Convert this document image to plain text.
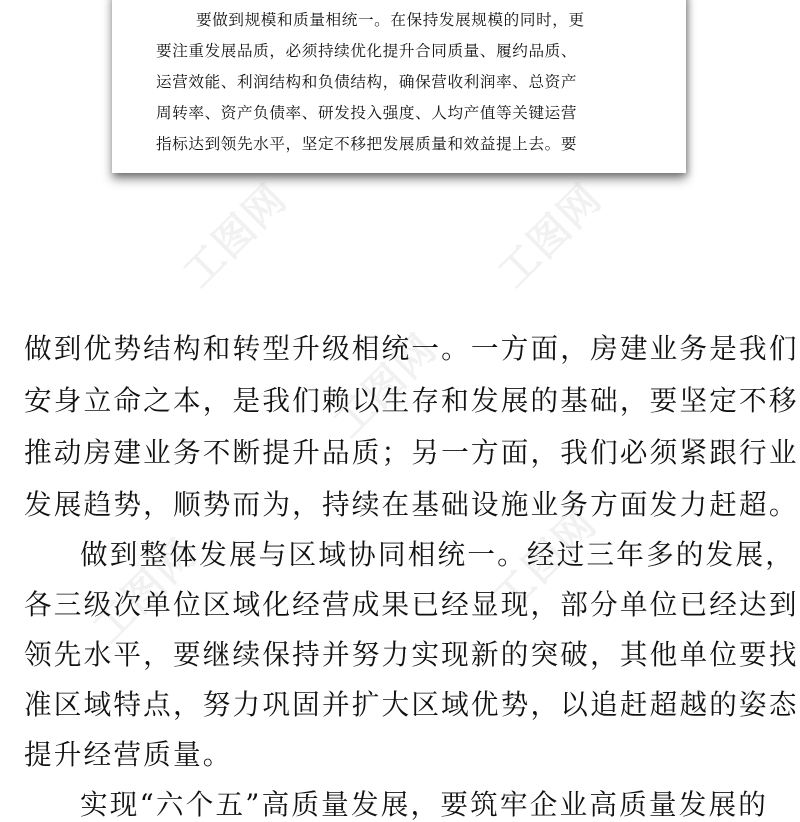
要做到规模和质量相统一。在保持发展规模的同时，更
要注重发展品质，必须持续优化提升合同质量、履约品质、
运营效能、利润结构和负债结构，确保营收利润率、总资产
周转率、资产负债率、研发投入强度、人均产值等关键运营
指标达到领先水平，坚定不移把发展质量和效益提上去。要
工图网	工图网
工图网
工图网	工图网
做到优势结构和转型升级相统一。一方面，房建业务是我们
安身立命之本，是我们赖以生存和发展的基础，要坚定不移
推动房建业务不断提升品质；另一方面，我们必须紧跟行业
发展趋势，顺势而为，持续在基础设施业务方面发力赶超。
做到整体发展与区域协同相统一。经过三年多的发展，
各三级次单位区域化经营成果已经显现，部分单位已经达到
领先水平，要继续保持并努力实现新的突破，其他单位要找
准区域特点，努力巩固并扩大区域优势，以追赶超越的姿态
提升经营质量。
实现“六个五”高质量发展，要筑牢企业高质量发展的
